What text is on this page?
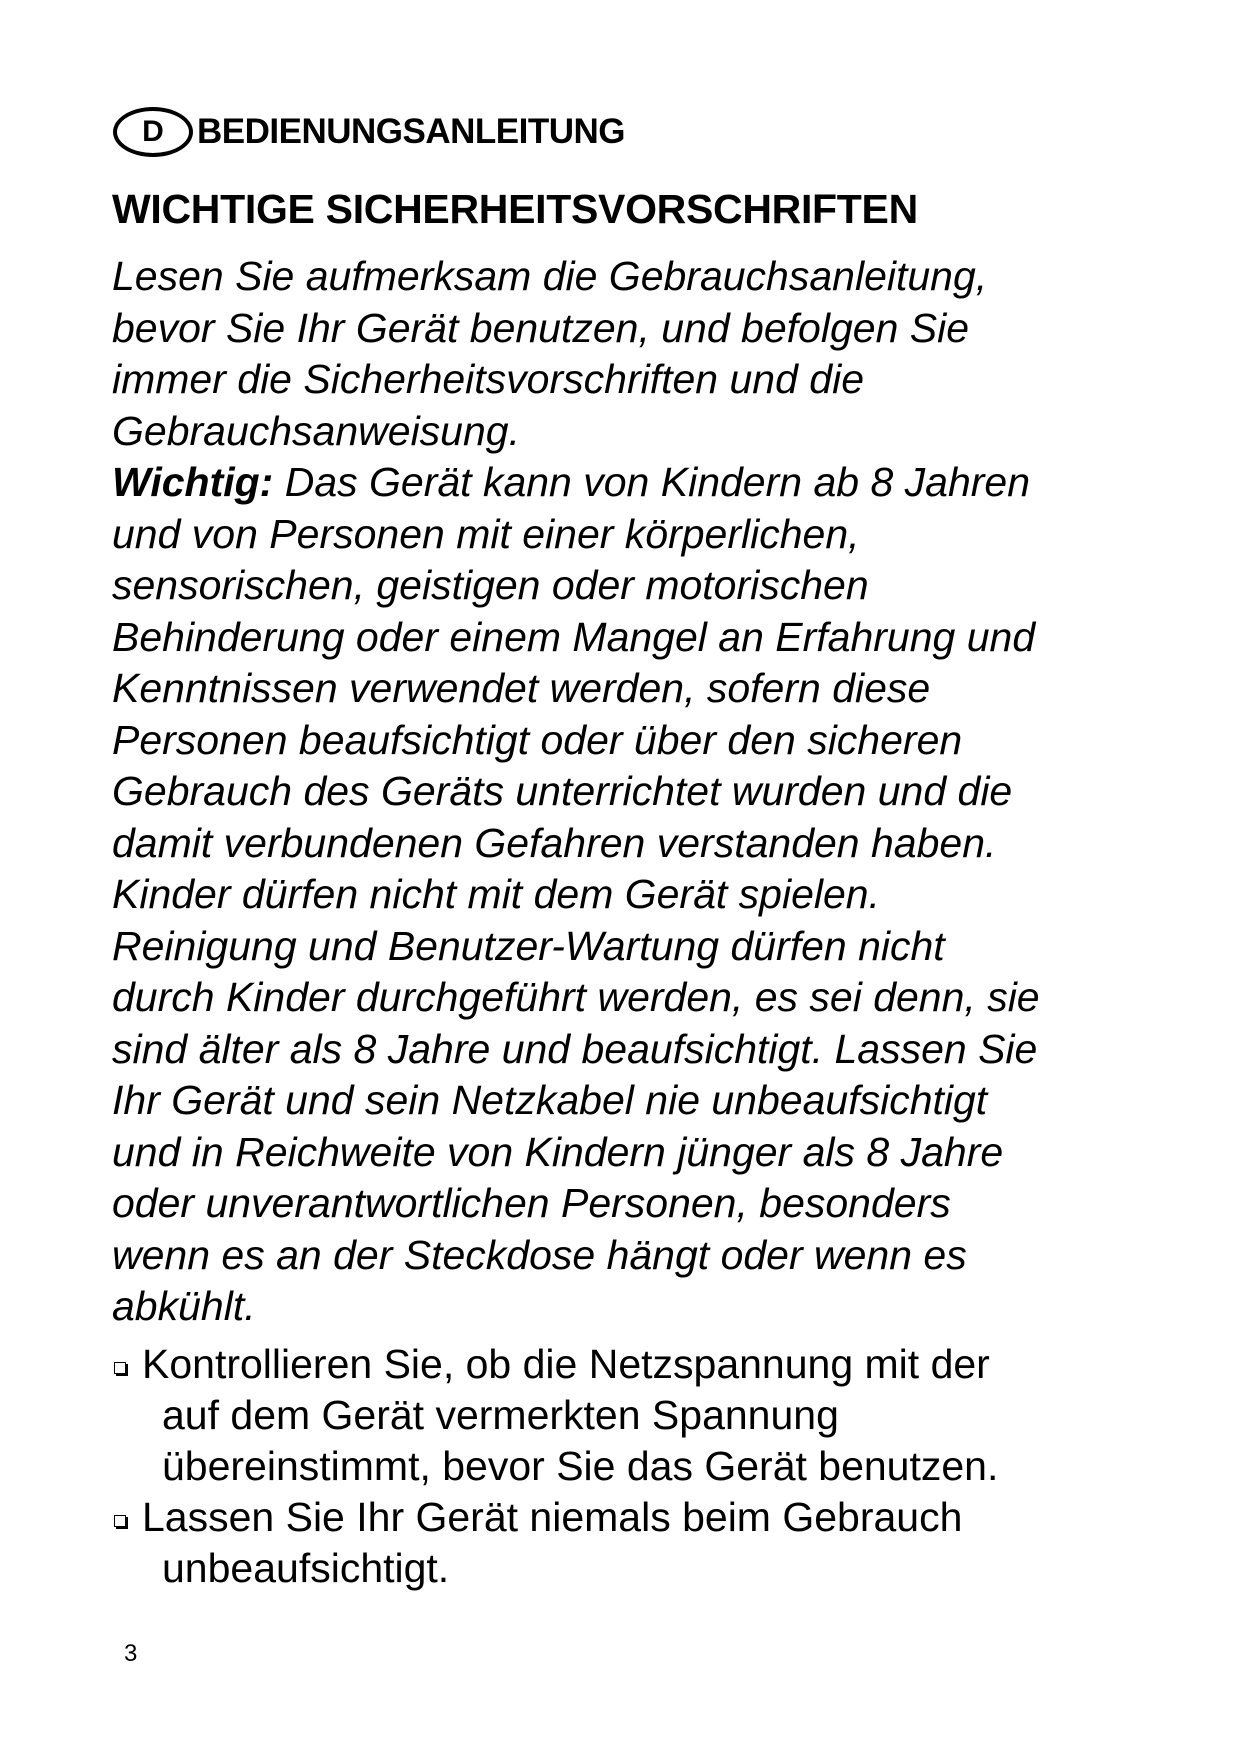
D BEDIENUNGSANLEITUNG
WICHTIGE SICHERHEITSVORSCHRIFTEN

Lesen Sie aufmerksam die Gebrauchsanleitung,
bevor Sie Ihr Gerät benutzen, und befolgen Sie
immer die Sicherheitsvorschriften und die
Gebrauchsanweisung.

Wichtig: Das Gerät kann von Kindern ab 8 Jahren
und von Personen mit einer körperlichen,
sensorischen, geistigen oder motorischen
Behinderung oder einem Mangel an Erfahrung und
Kenntnissen verwendet werden, sofern diese
Personen beaufsichtigt oder über den sicheren
Gebrauch des Geräts unterrichtet wurden und die
damit verbundenen Gefahren verstanden haben.
Kinder dürfen nicht mit dem Gerät spielen.
Reinigung und Benutzer-Wartung dürfen nicht
durch Kinder durchgeführt werden, es sei denn, sie
sind älter als 8 Jahre und beaufsichtigt. Lassen Sie
Ihr Gerät und sein Netzkabel nie unbeaufsichtigt
und in Reichweite von Kindern jünger als 8 Jahre
oder unverantwortlichen Personen, besonders
wenn es an der Steckdose hängt oder wenn es
abkühlt.

Kontrollieren Sie, ob die Netzspannung mit der
auf dem Gerät vermerkten Spannung
übereinstimmt, bevor Sie das Gerät benutzen.
Lassen Sie Ihr Gerät niemals beim Gebrauch
unbeaufsichtigt.
3
